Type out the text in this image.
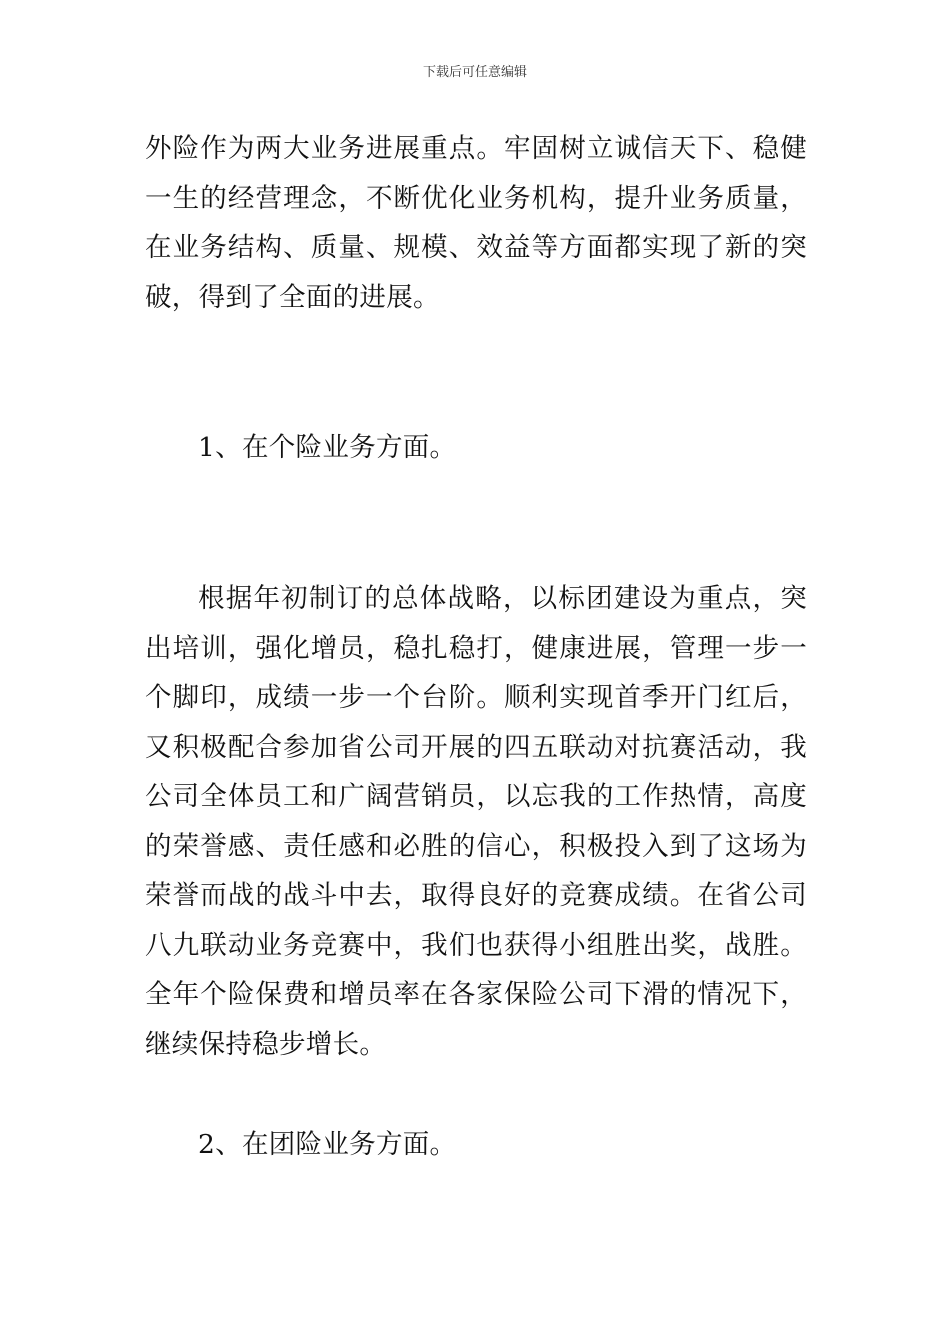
下载后可任意编辑

外险作为两大业务进展重点。牢固树立诚信天下、稳健一生的经营理念，不断优化业务机构，提升业务质量，在业务结构、质量、规模、效益等方面都实现了新的突破，得到了全面的进展。

1、在个险业务方面。

根据年初制订的总体战略，以标团建设为重点，突出培训，强化增员，稳扎稳打，健康进展，管理一步一个脚印，成绩一步一个台阶。顺利实现首季开门红后，又积极配合参加省公司开展的四五联动对抗赛活动，我公司全体员工和广阔营销员，以忘我的工作热情，高度的荣誉感、责任感和必胜的信心，积极投入到了这场为荣誉而战的战斗中去，取得良好的竞赛成绩。在省公司八九联动业务竞赛中，我们也获得小组胜出奖，战胜。全年个险保费和增员率在各家保险公司下滑的情况下，继续保持稳步增长。

2、在团险业务方面。
